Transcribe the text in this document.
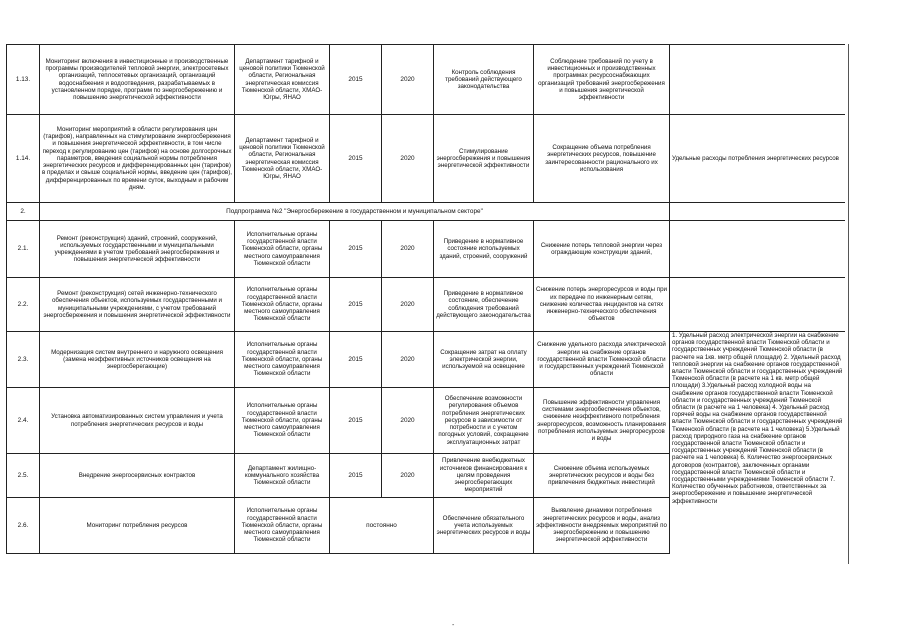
1.13.	Мониторинг включения в инвестиционные и производственные программы производителей тепловой энергии, электросетевых организаций, теплосетевых организаций, организаций водоснабжения и водоотведения, разрабатываемых в установленном порядке, программ по энергосбережению и повышению энергетической эффективности	Департамент тарифной и ценовой политики Тюменской области, Региональная энергетическая комиссия Тюменской области, ХМАО-Югры, ЯНАО	2015	2020	Контроль соблюдения требований действующего законодательства	Соблюдение требований по учету в инвестиционных и производственных программах ресурсоснабжающих организаций требований энергосбережения и повышения энергетической эффективности	
1.14.	Мониторинг мероприятий в области регулирования цен (тарифов), направленных на стимулирование энергосбережения и повышения энергетической эффективности, в том числе переход к регулированию цен (тарифов) на основе долгосрочных параметров, введения социальной нормы потребления энергетических ресурсов и дифференцированных цен (тарифов) в пределах и свыше социальной нормы, введение цен (тарифов), дифференцированных по времени суток, выходным и рабочим дням.	Департамент тарифной и ценовой политики Тюменской области, Региональная энергетическая комиссия Тюменской области, ХМАО-Югры, ЯНАО	2015	2020	Стимулирование энергосбережения и повышения энергетической эффективности	Сокращение объема потребления энергетических ресурсов, повышение заинтересованности рационального их использования	Удельные расходы потребления энергетических ресурсов
2.	Подпрограмма №2 "Энергосбережение в государственном и муниципальном секторе"						
2.1.	Ремонт (реконструкция) зданий, строений, сооружений, используемых государственными и муниципальными учреждениями в учетом требований энергосбережения и повышения энергетической эффективности	Исполнительные органы государственной власти Тюменской области, органы местного самоуправления Тюменской области	2015	2020	Приведение в нормативное состояние используемых зданий, строений, сооружений	Снижение потерь тепловой энергии через ограждающие конструкции зданий,	
2.2.	Ремонт (реконструкция) сетей инженерно-технического обеспечения объектов, используемых государственными и муниципальными учреждениями, с учетом требований энергосбережения и повышения энергетической эффективности	Исполнительные органы государственной власти Тюменской области, органы местного самоуправления Тюменской области	2015	2020	Приведение в нормативное состояние, обеспечение соблюдения требований действующего законодательства	Снижение потерь энергоресурсов и воды при их передаче по инженерным сетям, снижение количества инцидентов на сетях инженерно-технического обеспечения объектов	
2.3.	Модернизация систем внутреннего и наружного освещения (замена неэффективных источников освещения на энергосберегающие)	Исполнительные органы государственной власти Тюменской области, органы местного самоуправления Тюменской области	2015	2020	Сокращение затрат на оплату электрической энергии, используемой на освещение	Снижение удельного расхода электрической энергии на снабжение органов государственной власти Тюменской области и государственных учреждений Тюменской области	1. Удельный расход электрической энергии на снабжение органов государственной власти Тюменской области и государственных учреждений Тюменской области (в расчете на 1кв. метр общей площади) 2. Удельный расход тепловой энергии на снабжение органов государственной власти Тюменской области и государственных учреждений Тюменской области (в расчете на 1 кв. метр общей площади) 3.Удельный расход холодной воды на снабжение органов государственной власти Тюменской области и государственных учреждений Тюменской области (в расчете на 1 человека) 4. Удельный расход горячей воды на снабжение органов государственной власти Тюменской области и государственных учреждений Тюменской области (в расчете на 1 человека) 5.Удельный расход природного газа на снабжение органов государственной власти Тюменской области и государственных учреждений Тюменской области (в расчете на 1 человека) 6. Количество энергосервисных договоров (контрактов), заключенных органами государственной власти Тюменской области и государственными учреждениями Тюменской области 7. Количество обученных работников, ответственных за энергосбережение и повышение энергетической эффективности
2.4.	Установка автоматизированных систем управления и учета потребления энергетических ресурсов и воды	Исполнительные органы государственной власти Тюменской области, органы местного самоуправления Тюменской области	2015	2020	Обеспечение возможности регулирования объемов потребления энергетических ресурсов в зависимости от потребности и с учетом погодных условий, сокращение эксплуатационных затрат	Повышение эффективности управления системами энергообеспечения объектов, снижение неэффективного потребления энергоресурсов, возможность планирования потребления используемых энергоресурсов и воды	
2.5.	Внедрение энергосервисных контрактов	Департамент жилищно-коммунального хозяйства Тюменской области	2015	2020	Привлечение внебюджетных источников финансирования к целям проведения энергосберегающих мероприятий	Снижение объема используемых энергетических ресурсов и воды без привлечения бюджетных инвестиций	
2.6.	Мониторинг потребления ресурсов	Исполнительные органы государственной власти Тюменской области, органы местного самоуправления Тюменской области	постоянно		Обеспечение обязательного учета используемых энергетических ресурсов и воды	Выявление динамики потребления энергетических ресурсов и воды, анализ эффективности внедряемых мероприятий по энергосбережению и повышению энергетической эффективности	
-
